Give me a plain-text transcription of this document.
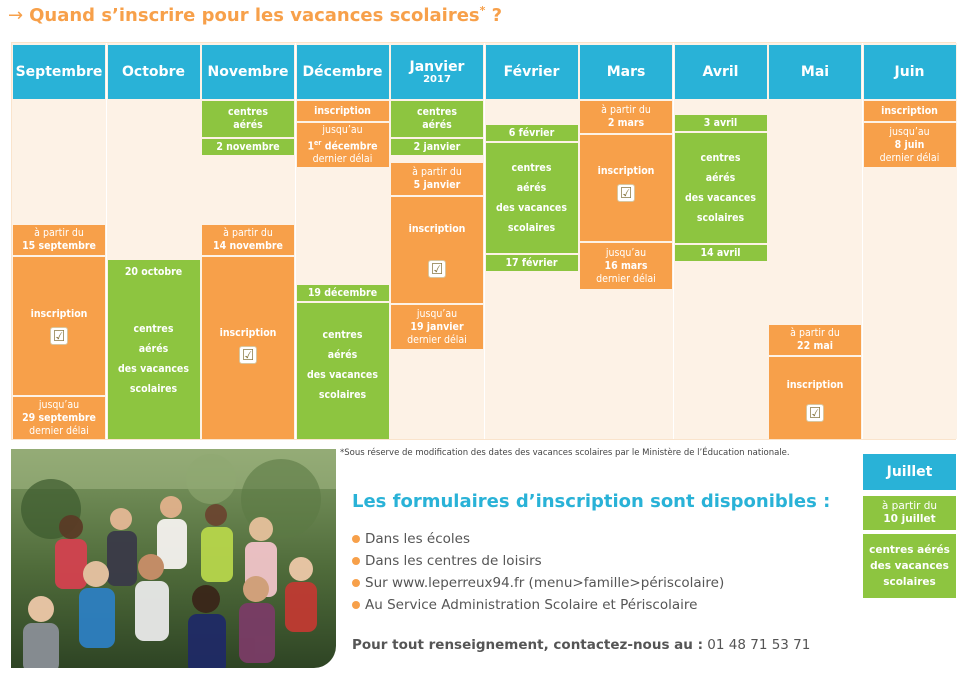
→ Quand s’inscrire pour les vacances scolaires* ?
Septembre
à partir du
15 septembre
inscription
☑
jusqu’au
29 septembre
dernier délai
Octobre
20 octobre
centres
aérés
des vacances
scolaires
Novembre
centres
aérés
2 novembre
à partir du
14 novembre
inscription
☑
Décembre
inscription
jusqu’au
1er décembre
dernier délai
19 décembre
centres
aérés
des vacances
scolaires
Janvier
2017
centres
aérés
2 janvier
à partir du
5 janvier
inscription
☑
jusqu’au
19 janvier
dernier délai
Février
6 février
centres
aérés
des vacances
scolaires
17 février
Mars
à partir du
2 mars
inscription
☑
jusqu’au
16 mars
dernier délai
Avril
3 avril
centres
aérés
des vacances
scolaires
14 avril
Mai
à partir du
22 mai
inscription
☑
Juin
inscription
jusqu’au
8 juin
dernier délai
*Sous réserve de modification des dates des vacances scolaires par le Ministère de l’Éducation nationale.
Les formulaires d’inscription sont disponibles :
Dans les écoles
Dans les centres de loisirs
Sur www.leperreux94.fr (menu>famille>périscolaire)
Au Service Administration Scolaire et Périscolaire
Pour tout renseignement, contactez-nous au : 01 48 71 53 71
Juillet
à partir du
10 juillet
centres aérés
des vacances
scolaires
